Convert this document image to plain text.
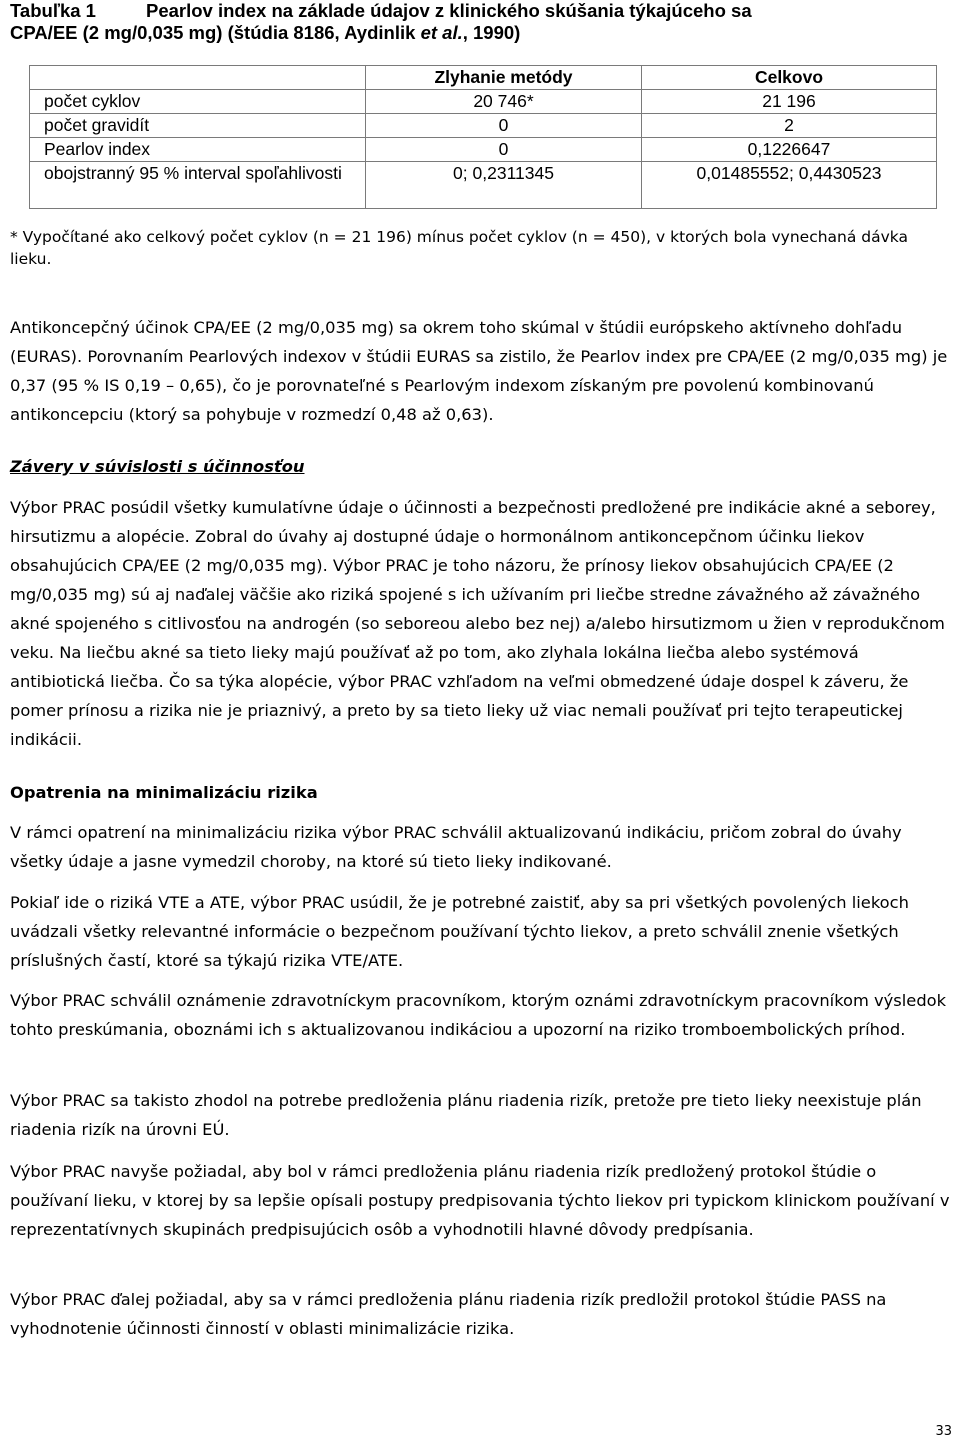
Tabuľka 1	Pearlov index na základe údajov z klinického skúšania týkajúceho sa
CPA/EE (2 mg/0,035 mg) (štúdia 8186, Aydinlik et al., 1990)
	Zlyhanie metódy	Celkovo
počet cyklov	20 746*	21 196
počet gravidít	0	2
Pearlov index	0	0,1226647
obojstranný 95 % interval spoľahlivosti	0; 0,2311345	0,01485552; 0,4430523
* Vypočítané ako celkový počet cyklov (n = 21 196) mínus počet cyklov (n = 450), v ktorých bola vynechaná dávka lieku.
Antikoncepčný účinok CPA/EE (2 mg/0,035 mg) sa okrem toho skúmal v štúdii európskeho aktívneho dohľadu (EURAS). Porovnaním Pearlových indexov v štúdii EURAS sa zistilo, že Pearlov index pre CPA/EE (2 mg/0,035 mg) je 0,37 (95 % IS 0,19 – 0,65), čo je porovnateľné s Pearlovým indexom získaným pre povolenú kombinovanú antikoncepciu (ktorý sa pohybuje v rozmedzí 0,48 až 0,63).
Závery v súvislosti s účinnosťou
Výbor PRAC posúdil všetky kumulatívne údaje o účinnosti a bezpečnosti predložené pre indikácie akné a seborey, hirsutizmu a alopécie. Zobral do úvahy aj dostupné údaje o hormonálnom antikoncepčnom účinku liekov obsahujúcich CPA/EE (2 mg/0,035 mg). Výbor PRAC je toho názoru, že prínosy liekov obsahujúcich CPA/EE (2 mg/0,035 mg) sú aj naďalej väčšie ako riziká spojené s ich užívaním pri liečbe stredne závažného až závažného akné spojeného s citlivosťou na androgén (so seboreou alebo bez nej) a/alebo hirsutizmom u žien v reprodukčnom veku. Na liečbu akné sa tieto lieky majú používať až po tom, ako zlyhala lokálna liečba alebo systémová antibiotická liečba. Čo sa týka alopécie, výbor PRAC vzhľadom na veľmi obmedzené údaje dospel k záveru, že pomer prínosu a rizika nie je priaznivý, a preto by sa tieto lieky už viac nemali používať pri tejto terapeutickej indikácii.
Opatrenia na minimalizáciu rizika
V rámci opatrení na minimalizáciu rizika výbor PRAC schválil aktualizovanú indikáciu, pričom zobral do úvahy všetky údaje a jasne vymedzil choroby, na ktoré sú tieto lieky indikované.
Pokiaľ ide o riziká VTE a ATE, výbor PRAC usúdil, že je potrebné zaistiť, aby sa pri všetkých povolených liekoch uvádzali všetky relevantné informácie o bezpečnom používaní týchto liekov, a preto schválil znenie všetkých príslušných častí, ktoré sa týkajú rizika VTE/ATE.
Výbor PRAC schválil oznámenie zdravotníckym pracovníkom, ktorým oznámi zdravotníckym pracovníkom výsledok tohto preskúmania, oboznámi ich s aktualizovanou indikáciou a upozorní na riziko tromboembolických príhod.
Výbor PRAC sa takisto zhodol na potrebe predloženia plánu riadenia rizík, pretože pre tieto lieky neexistuje plán riadenia rizík na úrovni EÚ.
Výbor PRAC navyše požiadal, aby bol v rámci predloženia plánu riadenia rizík predložený protokol štúdie o používaní lieku, v ktorej by sa lepšie opísali postupy predpisovania týchto liekov pri typickom klinickom používaní v reprezentatívnych skupinách predpisujúcich osôb a vyhodnotili hlavné dôvody predpísania.
Výbor PRAC ďalej požiadal, aby sa v rámci predloženia plánu riadenia rizík predložil protokol štúdie PASS na vyhodnotenie účinnosti činností v oblasti minimalizácie rizika.
33
